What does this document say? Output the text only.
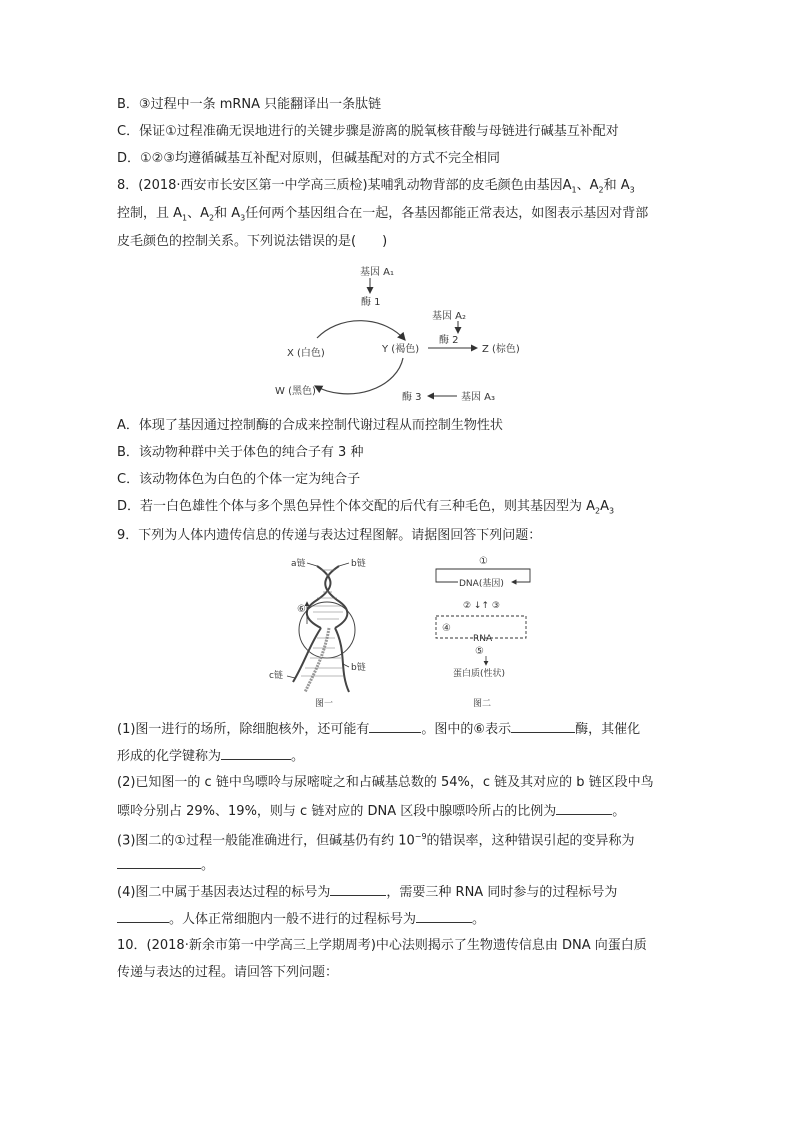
B．③过程中一条 mRNA 只能翻译出一条肽链
C．保证①过程准确无误地进行的关键步骤是游离的脱氧核苷酸与母链进行碱基互补配对
D．①②③均遵循碱基互补配对原则，但碱基配对的方式不完全相同
8．(2018·西安市长安区第一中学高三质检)某哺乳动物背部的皮毛颜色由基因$A_1$、$A_2$和 $A_3$
控制，且 $A_1$、$A_2$和 $A_3$任何两个基因组合在一起，各基因都能正常表达，如图表示基因对背部
皮毛颜色的控制关系。下列说法错误的是(　　)
基因 A₁
酶 1
X (白色)	Y (褐色)	Z (棕色)
基因 A₂
酶 2
W (黑色)
酶 3	基因 A₃
A．体现了基因通过控制酶的合成来控制代谢过程从而控制生物性状
B．该动物种群中关于体色的纯合子有 3 种
C．该动物体色为白色的个体一定为纯合子
D．若一白色雄性个体与多个黑色异性个体交配的后代有三种毛色，则其基因型为 $A_2A_3$
9．下列为人体内遗传信息的传递与表达过程图解。请据图回答下列问题：
a链	b链
⑥
c链
b链
图一
①
DNA(基因)
② ↓↑ ③
④
RNA
⑤
蛋白质(性状)
图二
(1)图一进行的场所，除细胞核外，还可能有	。图中的⑥表示	酶，其催化
形成的化学键称为	。
(2)已知图一的 c 链中鸟嘌呤与尿嘧啶之和占碱基总数的 54%，c 链及其对应的 b 链区段中鸟
嘌呤分别占 29%、19%，则与 c 链对应的 DNA 区段中腺嘌呤所占的比例为	。
(3)图二的①过程一般能准确进行，但碱基仍有约 $10^{-9}$的错误率，这种错误引起的变异称为
。
(4)图二中属于基因表达过程的标号为	，需要三种 RNA 同时参与的过程标号为
。人体正常细胞内一般不进行的过程标号为	。
10．(2018·新余市第一中学高三上学期周考)中心法则揭示了生物遗传信息由 DNA 向蛋白质
传递与表达的过程。请回答下列问题：
